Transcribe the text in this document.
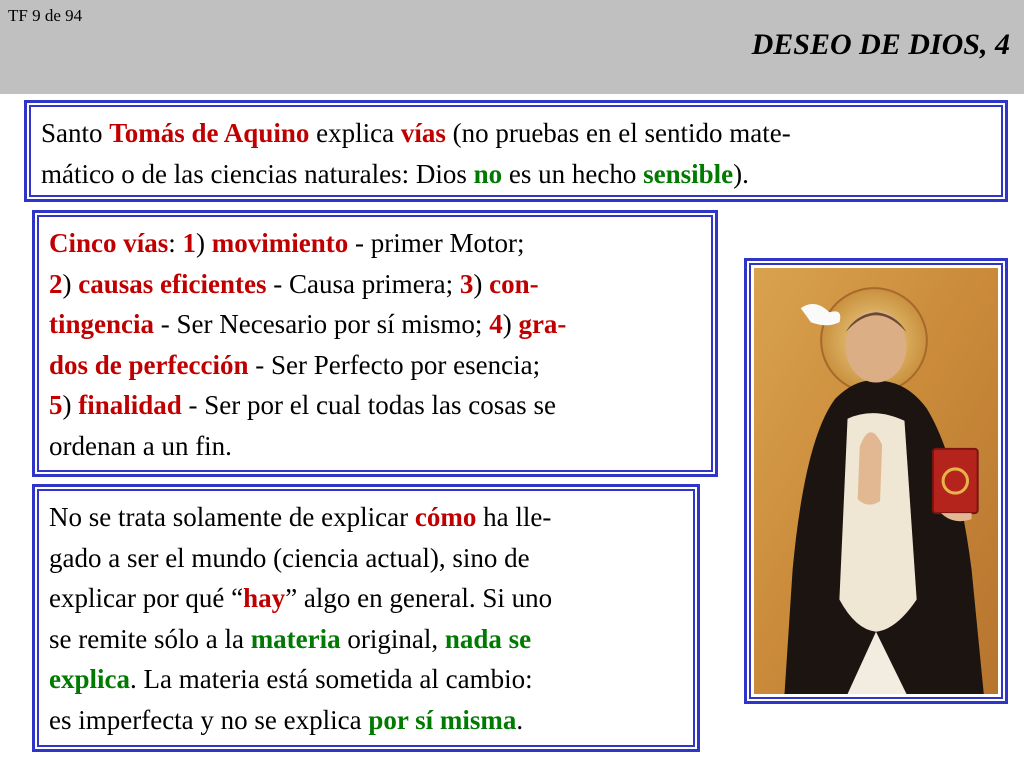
TF 9 de 94
DESEO DE DIOS, 4

Santo Tomás de Aquino explica vías (no pruebas en el sentido mate-

mático o de las ciencias naturales: Dios no es un hecho sensible).

Cinco vías: 1) movimiento - primer Motor;

2) causas eficientes - Causa primera; 3) con-

tingencia - Ser Necesario por sí mismo; 4) gra-

dos de perfección - Ser Perfecto por esencia;

5) finalidad - Ser por el cual todas las cosas se

ordenan a un fin.

No se trata solamente de explicar cómo ha lle-

gado a ser el mundo (ciencia actual), sino de

explicar por qué “hay” algo en general. Si uno

se remite sólo a la materia original, nada se

explica. La materia está sometida al cambio:

es imperfecta y no se explica por sí misma.
